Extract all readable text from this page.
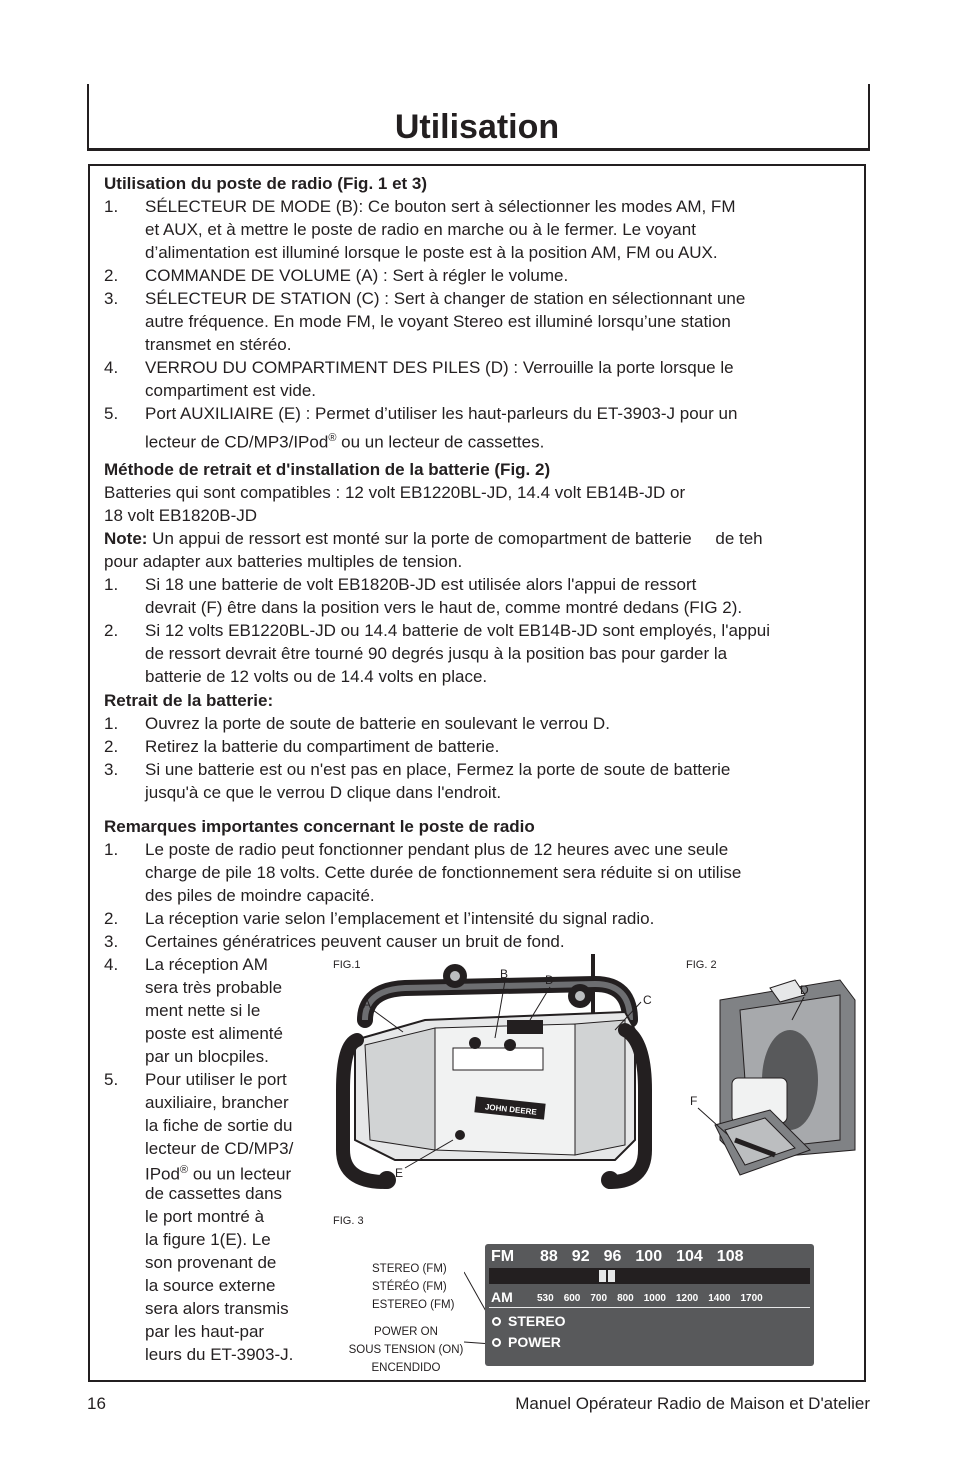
Utilisation
Utilisation du poste de radio (Fig. 1 et 3)
lecteur de CD/MP3/IPod® ou un lecteur de cassettes.
Méthode de retrait et d'installation de la batterie (Fig. 2)
Batteries qui sont compatibles : 12 volt EB1220BL-JD, 14.4 volt EB14B-JD or
18 volt EB1820B-JD
Note: Un appui de ressort est monté sur la porte de comopartment de batterie     de teh
pour adapter aux batteries multiples de tension.
Retrait de la batterie:
Remarques importantes concernant le poste de radio
IPod® ou un lecteur
FIG.1
JOHN DEERE
A
B	D
C
E
FIG. 2
D
F
FIG. 3
STEREO (FM)
STÉRÉO (FM)
ESTEREO (FM)
POWER ON
SOUS TENSION (ON)
ENCENDIDO
FM 88 92 96 100 104 108
AM 530 600 700 800 1000 1200 1400 1700
STEREO
POWER
16	Manuel Opérateur Radio de Maison et D'atelier
1. SÉLECTEUR DE MODE (B): Ce bouton sert à sélectionner les modes AM, FM
et AUX, et à mettre le poste de radio en marche ou à le fermer. Le voyant
d’alimentation est illuminé lorsque le poste est à la position AM, FM ou AUX.
2. COMMANDE DE VOLUME (A) : Sert à régler le volume.
3. SÉLECTEUR DE STATION (C) : Sert à changer de station en sélectionnant une
autre fréquence. En mode FM, le voyant Stereo est illuminé lorsqu’une station
transmet en stéréo.
4. VERROU DU COMPARTIMENT DES PILES (D) : Verrouille la porte lorsque le
compartiment est vide.
5. Port AUXILIAIRE (E) : Permet d’utiliser les haut-parleurs du ET-3903-J pour un
1. Si 18 une batterie de volt EB1820B-JD est utilisée alors l'appui de ressort
devrait (F) être dans la position vers le haut de, comme montré dedans (FIG 2).
2. Si 12 volts EB1220BL-JD ou 14.4 batterie de volt EB14B-JD sont employés, l'appui
de ressort devrait être tourné 90 degrés jusqu à la position bas pour garder la
batterie de 12 volts ou de 14.4 volts en place.
1. Ouvrez la porte de soute de batterie en soulevant le verrou D.
2. Retirez la batterie du compartiment de batterie.
3. Si une batterie est ou n'est pas en place, Fermez la porte de soute de batterie
jusqu'à ce que le verrou D clique dans l'endroit.
1. Le poste de radio peut fonctionner pendant plus de 12 heures avec une seule
charge de pile 18 volts. Cette durée de fonctionnement sera réduite si on utilise
des piles de moindre capacité.
2. La réception varie selon l’emplacement et l’intensité du signal radio.
3. Certaines génératrices peuvent causer un bruit de fond.
4. La réception AM
sera très probable
ment nette si le
poste est alimenté
par un blocpiles.
5. Pour utiliser le port
auxiliaire, brancher
la fiche de sortie du
lecteur de CD/MP3/
de cassettes dans
le port montré à
la figure 1(E). Le
son provenant de
la source externe
sera alors transmis
par les haut-par
leurs du ET-3903-J.
